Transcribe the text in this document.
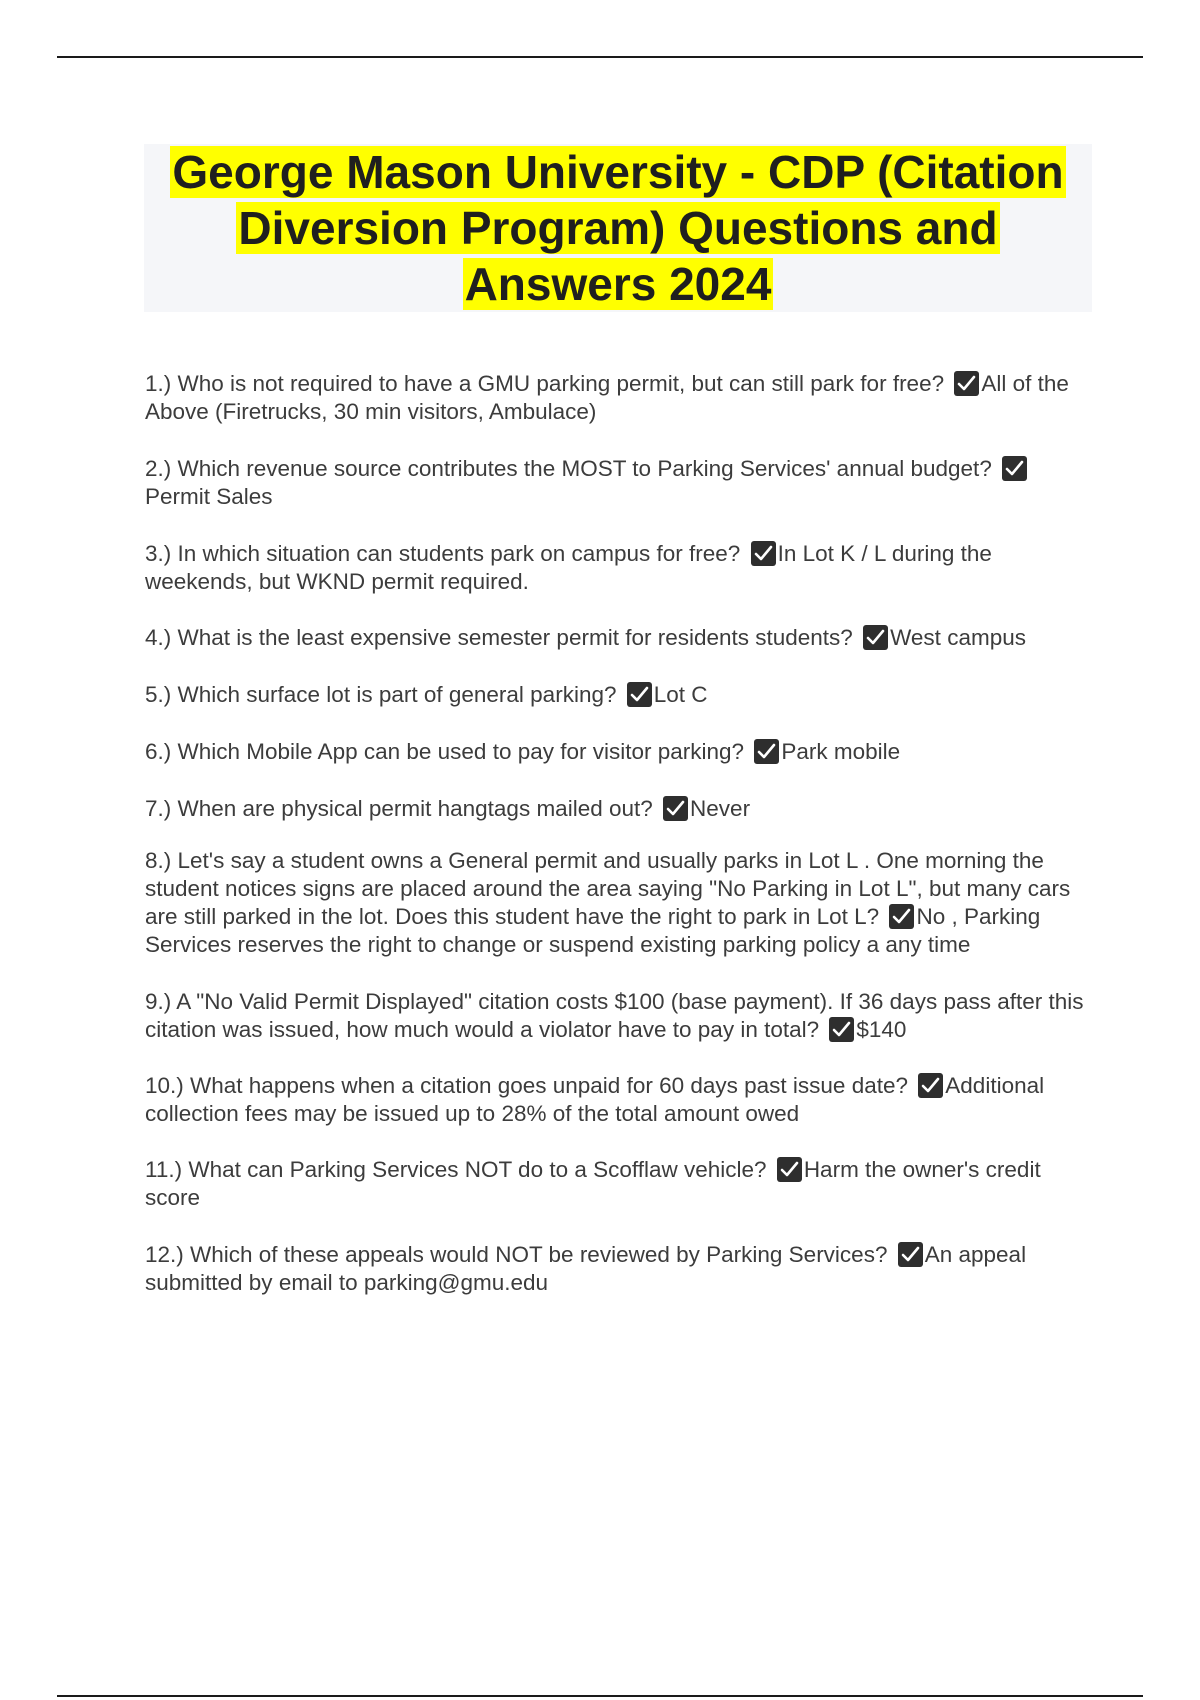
George Mason University - CDP (Citation Diversion Program) Questions and Answers 2024
1.) Who is not required to have a GMU parking permit, but can still park for free? All of the Above (Firetrucks, 30 min visitors, Ambulace)
2.) Which revenue source contributes the MOST to Parking Services' annual budget?
Permit Sales
3.) In which situation can students park on campus for free? In Lot K / L during the weekends, but WKND permit required.
4.) What is the least expensive semester permit for residents students? West campus
5.) Which surface lot is part of general parking? Lot C
6.) Which Mobile App can be used to pay for visitor parking? Park mobile
7.) When are physical permit hangtags mailed out? Never
8.) Let's say a student owns a General permit and usually parks in Lot L . One morning the student notices signs are placed around the area saying "No Parking in Lot L", but many cars are still parked in the lot. Does this student have the right to park in Lot L? No , Parking Services reserves the right to change or suspend existing parking policy a any time
9.) A "No Valid Permit Displayed" citation costs $100 (base payment). If 36 days pass after this citation was issued, how much would a violator have to pay in total? $140
10.) What happens when a citation goes unpaid for 60 days past issue date? Additional collection fees may be issued up to 28% of the total amount owed
11.) What can Parking Services NOT do to a Scofflaw vehicle? Harm the owner's credit score
12.) Which of these appeals would NOT be reviewed by Parking Services? An appeal submitted by email to parking@gmu.edu
